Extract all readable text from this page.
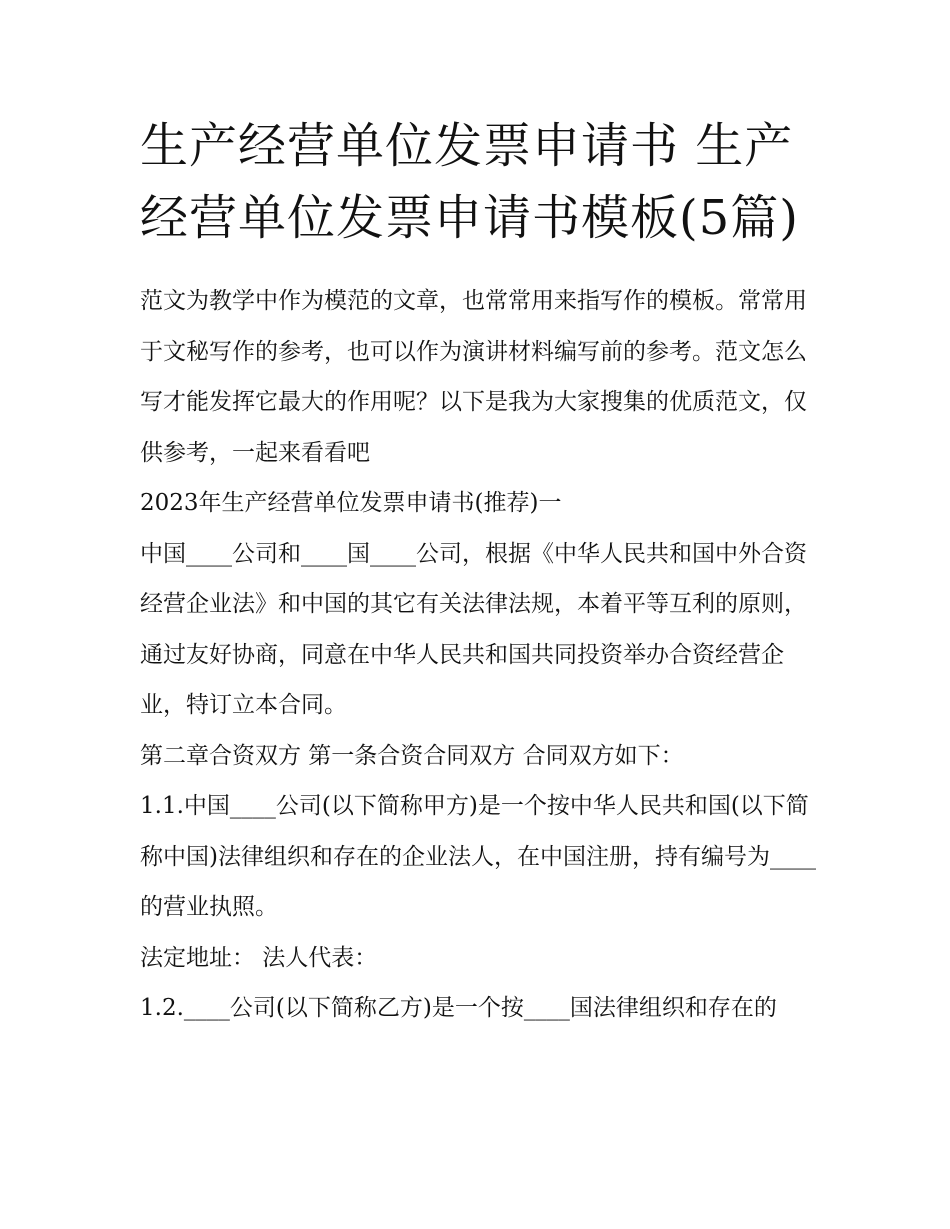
生产经营单位发票申请书 生产经营单位发票申请书模板(5篇)

范文为教学中作为模范的文章，也常常用来指写作的模板。常常用于文秘写作的参考，也可以作为演讲材料编写前的参考。范文怎么写才能发挥它最大的作用呢？以下是我为大家搜集的优质范文，仅供参考，一起来看看吧

2023年生产经营单位发票申请书(推荐)一

中国____公司和____国____公司，根据《中华人民共和国中外合资经营企业法》和中国的其它有关法律法规，本着平等互利的原则，通过友好协商，同意在中华人民共和国共同投资举办合资经营企业，特订立本合同。

第二章合资双方 第一条合资合同双方 合同双方如下：

1.1.中国____公司(以下简称甲方)是一个按中华人民共和国(以下简称中国)法律组织和存在的企业法人，在中国注册，持有编号为____的营业执照。

法定地址： 法人代表：

1.2.____公司(以下简称乙方)是一个按____国法律组织和存在的
